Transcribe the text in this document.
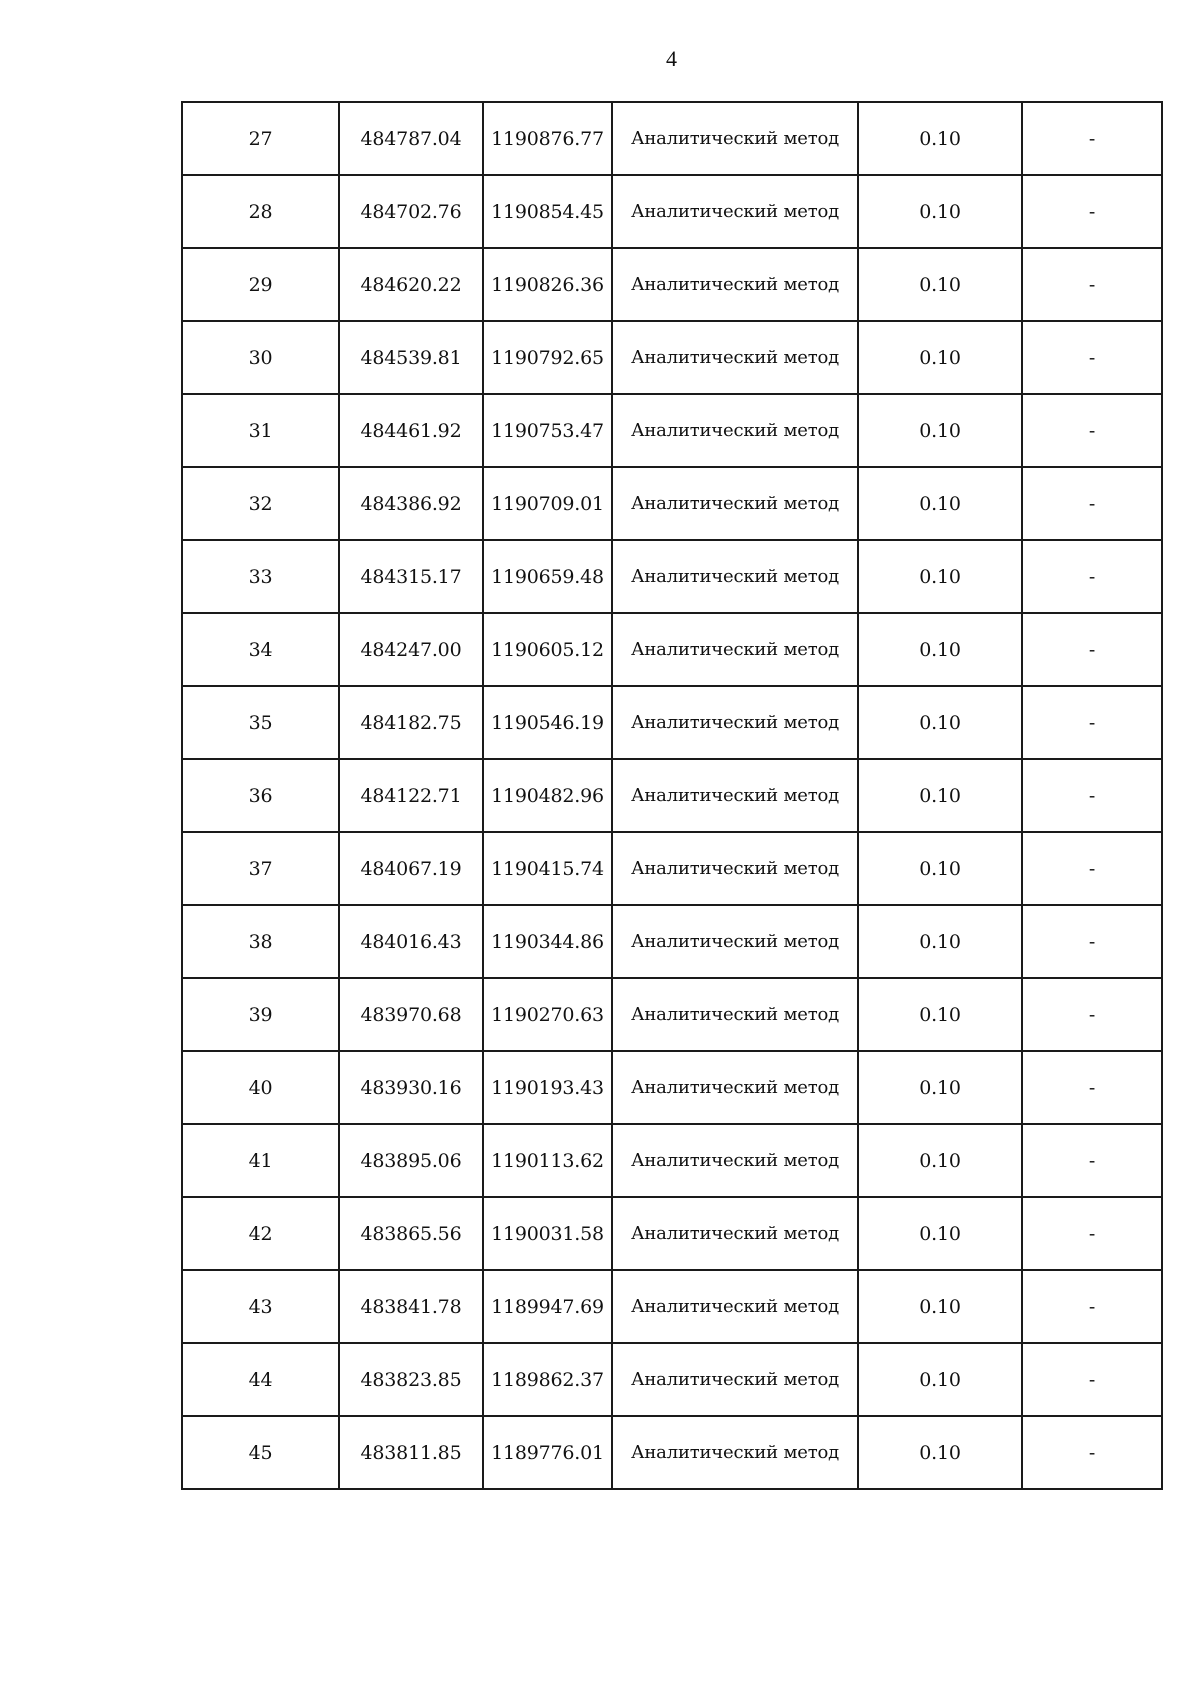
4
27	484787.04	1190876.77	Аналитический метод	0.10	-
28	484702.76	1190854.45	Аналитический метод	0.10	-
29	484620.22	1190826.36	Аналитический метод	0.10	-
30	484539.81	1190792.65	Аналитический метод	0.10	-
31	484461.92	1190753.47	Аналитический метод	0.10	-
32	484386.92	1190709.01	Аналитический метод	0.10	-
33	484315.17	1190659.48	Аналитический метод	0.10	-
34	484247.00	1190605.12	Аналитический метод	0.10	-
35	484182.75	1190546.19	Аналитический метод	0.10	-
36	484122.71	1190482.96	Аналитический метод	0.10	-
37	484067.19	1190415.74	Аналитический метод	0.10	-
38	484016.43	1190344.86	Аналитический метод	0.10	-
39	483970.68	1190270.63	Аналитический метод	0.10	-
40	483930.16	1190193.43	Аналитический метод	0.10	-
41	483895.06	1190113.62	Аналитический метод	0.10	-
42	483865.56	1190031.58	Аналитический метод	0.10	-
43	483841.78	1189947.69	Аналитический метод	0.10	-
44	483823.85	1189862.37	Аналитический метод	0.10	-
45	483811.85	1189776.01	Аналитический метод	0.10	-
